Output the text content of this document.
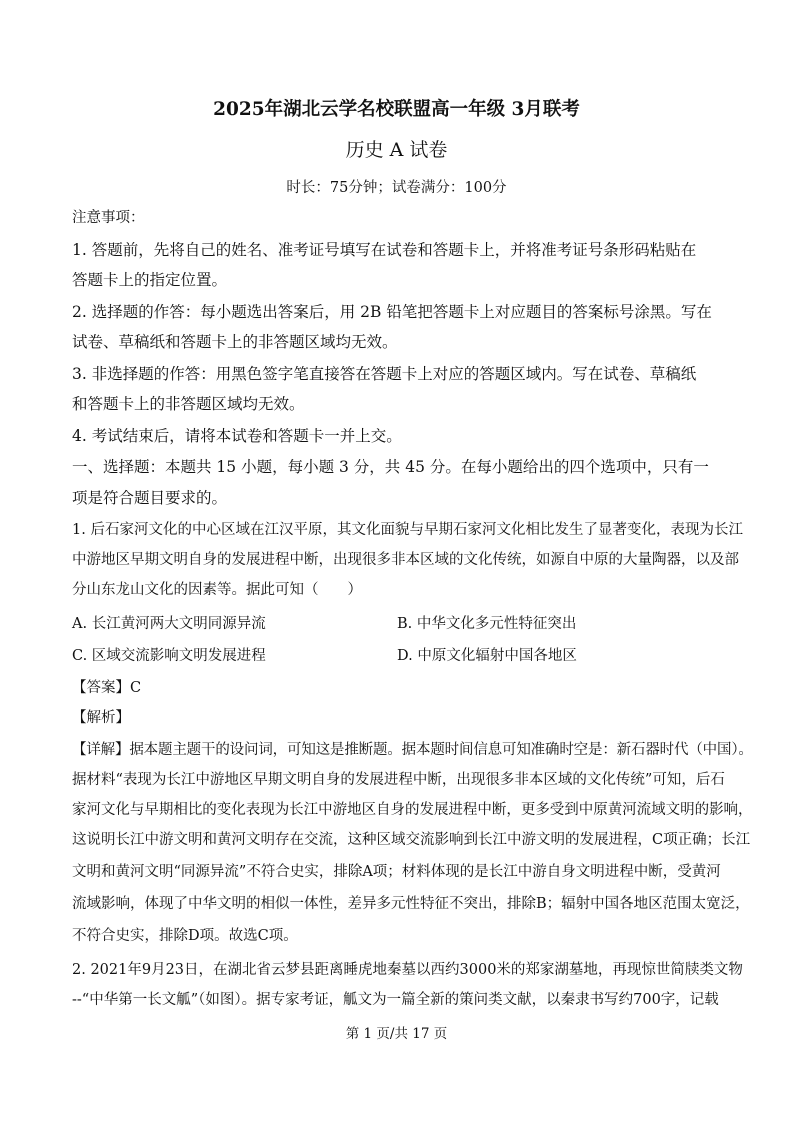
2025年湖北云学名校联盟高一年级 3月联考
历史 A 试卷
时长：75分钟；试卷满分：100分
注意事项：
1. 答题前，先将自己的姓名、准考证号填写在试卷和答题卡上，并将准考证号条形码粘贴在
答题卡上的指定位置。
2. 选择题的作答：每小题选出答案后，用 2B 铅笔把答题卡上对应题目的答案标号涂黑。写在
试卷、草稿纸和答题卡上的非答题区域均无效。
3. 非选择题的作答：用黑色签字笔直接答在答题卡上对应的答题区域内。写在试卷、草稿纸
和答题卡上的非答题区域均无效。
4. 考试结束后，请将本试卷和答题卡一并上交。
一、选择题：本题共 15 小题，每小题 3 分，共 45 分。在每小题给出的四个选项中，只有一
项是符合题目要求的。
1. 后石家河文化的中心区域在江汉平原，其文化面貌与早期石家河文化相比发生了显著变化，表现为长江
中游地区早期文明自身的发展进程中断，出现很多非本区域的文化传统，如源自中原的大量陶器，以及部
分山东龙山文化的因素等。据此可知（　　）
A. 长江黄河两大文明同源异流	B. 中华文化多元性特征突出
C. 区域交流影响文明发展进程	D. 中原文化辐射中国各地区
【答案】C
【解析】
【详解】据本题主题干的设问词，可知这是推断题。据本题时间信息可知准确时空是：新石器时代（中国）。
据材料“表现为长江中游地区早期文明自身的发展进程中断，出现很多非本区域的文化传统”可知，后石
家河文化与早期相比的变化表现为长江中游地区自身的发展进程中断，更多受到中原黄河流域文明的影响，
这说明长江中游文明和黄河文明存在交流，这种区域交流影响到长江中游文明的发展进程，C项正确；长江
文明和黄河文明“同源异流”不符合史实，排除A项；材料体现的是长江中游自身文明进程中断，受黄河
流域影响，体现了中华文明的相似一体性，差异多元性特征不突出，排除B；辐射中国各地区范围太宽泛，
不符合史实，排除D项。故选C项。
2. 2021年9月23日，在湖北省云梦县距离睡虎地秦墓以西约3000米的郑家湖墓地，再现惊世简牍类文物
--“中华第一长文觚”（如图）。据专家考证，觚文为一篇全新的策问类文献，以秦隶书写约700字，记载
第 1 页/共 17 页
